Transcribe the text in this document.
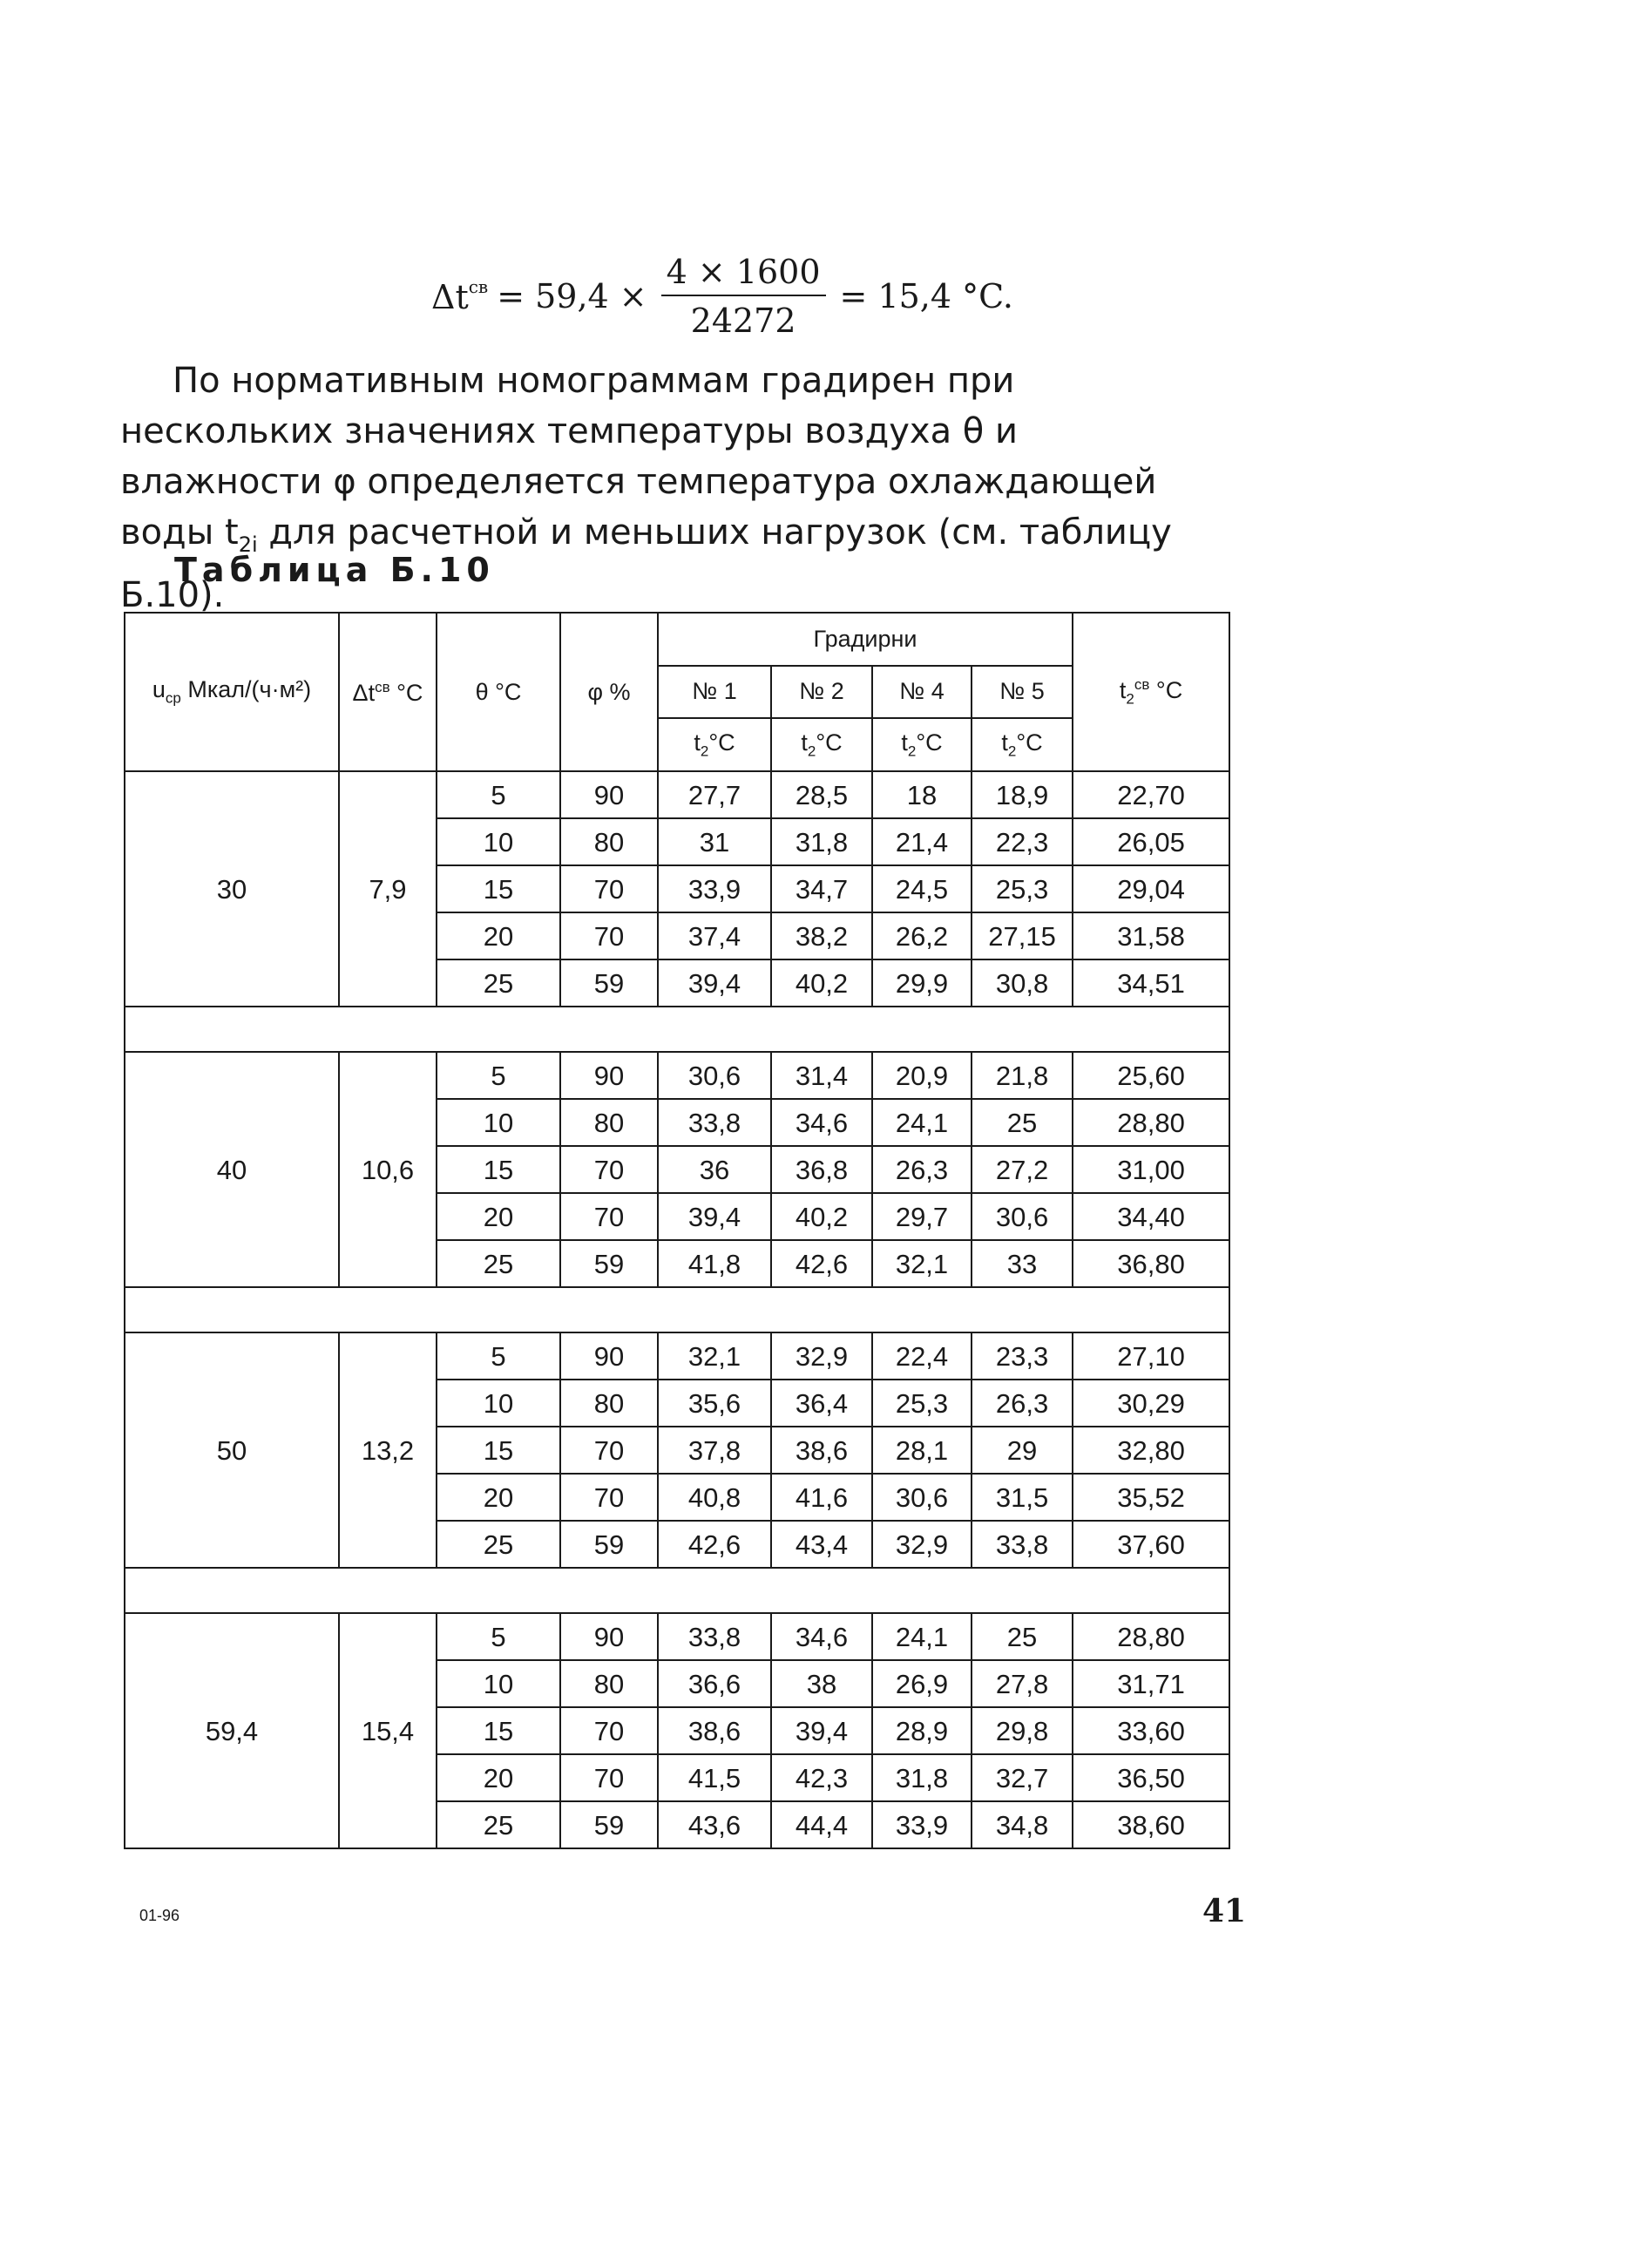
$\Delta t^{св} = 59,4 \times \frac{4 \times 1600}{24272} = 15,4$ °C.

По нормативным номограммам градирен при нескольких значениях температуры воздуха θ и влажности φ определяется температура охлаждающей воды $t_{2i}$ для расчетной и меньших нагрузок (см. таблицу Б.10).

Таблица Б.10
$u_{ср}$ Мкал/(ч·м²)	$\Delta t^{св}$ °C	θ °C	φ %	Градирни				$t_2^{св}$ °C
				№ 1	№ 2	№ 4	№ 5	
				$t_2^\circ C$	$t_2^\circ C$	$t_2^\circ C$	$t_2^\circ C$	
30	7,9	5	90	27,7	28,5	18	18,9	22,70
		10	80	31	31,8	21,4	22,3	26,05
		15	70	33,9	34,7	24,5	25,3	29,04
		20	70	37,4	38,2	26,2	27,15	31,58
		25	59	39,4	40,2	29,9	30,8	34,51

40	10,6	5	90	30,6	31,4	20,9	21,8	25,60
		10	80	33,8	34,6	24,1	25	28,80
		15	70	36	36,8	26,3	27,2	31,00
		20	70	39,4	40,2	29,7	30,6	34,40
		25	59	41,8	42,6	32,1	33	36,80

50	13,2	5	90	32,1	32,9	22,4	23,3	27,10
		10	80	35,6	36,4	25,3	26,3	30,29
		15	70	37,8	38,6	28,1	29	32,80
		20	70	40,8	41,6	30,6	31,5	35,52
		25	59	42,6	43,4	32,9	33,8	37,60

59,4	15,4	5	90	33,8	34,6	24,1	25	28,80
		10	80	36,6	38	26,9	27,8	31,71
		15	70	38,6	39,4	28,9	29,8	33,60
		20	70	41,5	42,3	31,8	32,7	36,50
		25	59	43,6	44,4	33,9	34,8	38,60
01-96	41
